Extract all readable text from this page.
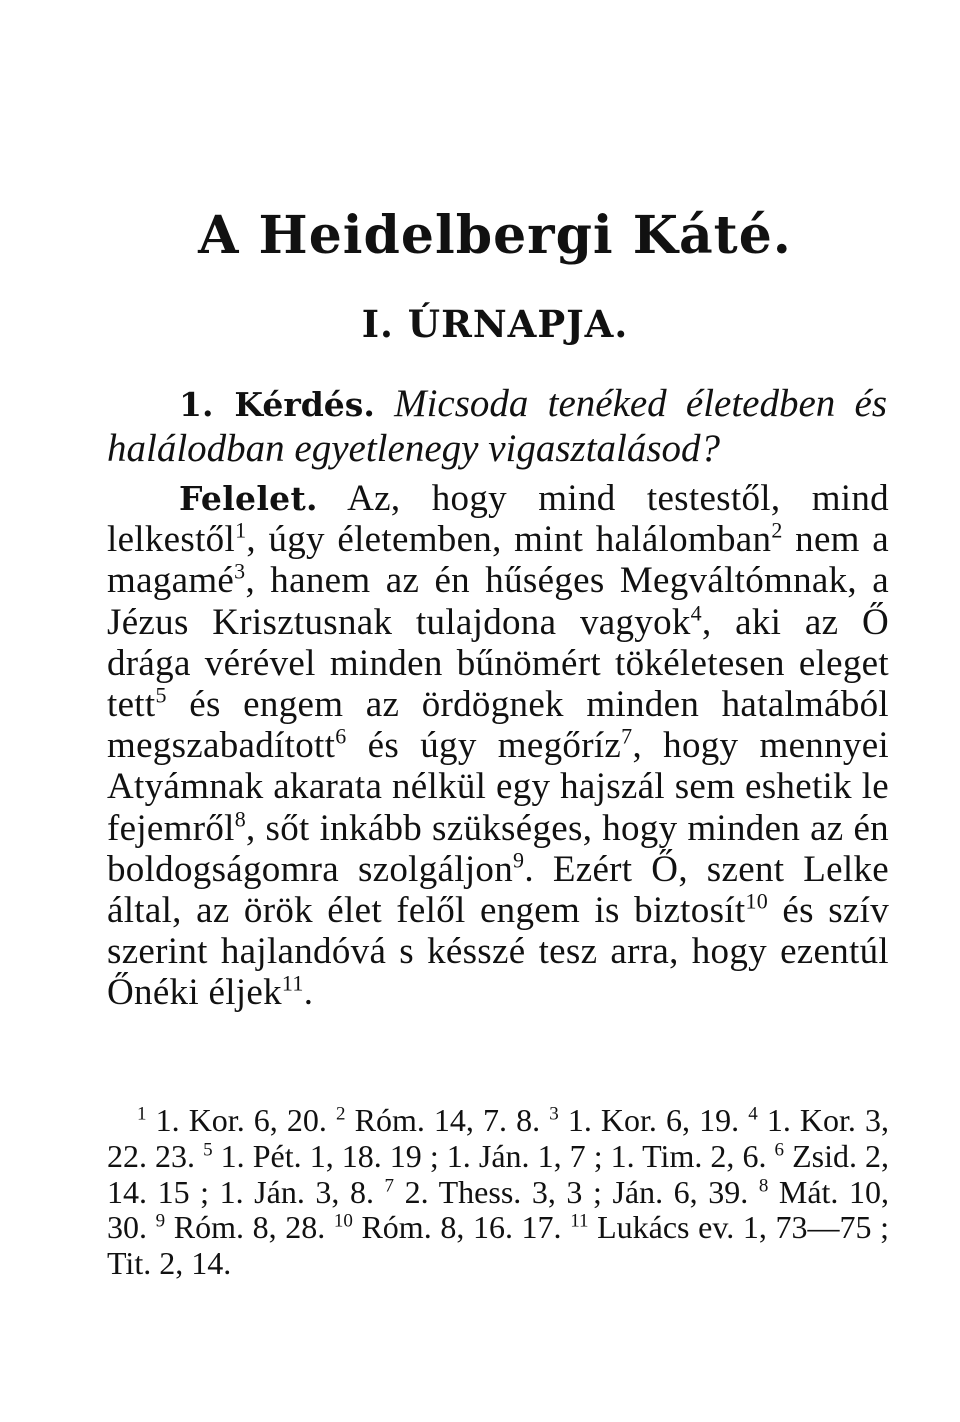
A Heidelbergi Káté.
I. ÚRNAPJA.

1. Kérdés. Micsoda tenéked életedben és halálodban egyetlenegy vigasztalásod?

Felelet. Az, hogy mind testestől, mind lelkestől$^1$, úgy életemben, mint halálomban$^2$ nem a magamé$^3$, hanem az én hűséges Megváltómnak, a Jézus Krisztusnak tulajdona vagyok$^4$, aki az Ő drága vérével minden bűnömért tökéletesen eleget tett$^5$ és engem az ördögnek minden hatalmából megszabadított$^6$ és úgy megőríz$^7$, hogy mennyei Atyámnak akarata nélkül egy hajszál sem eshetik le fejemről$^8$, sőt inkább szükséges, hogy minden az én boldogságomra szolgáljon$^9$. Ezért Ő, szent Lelke által, az örök élet felől engem is biztosít$^{10}$ és szív szerint hajlandóvá s késszé tesz arra, hogy ezentúl Őnéki éljek$^{11}$.

$^1$ 1. Kor. 6, 20. $^2$ Róm. 14, 7. 8. $^3$ 1. Kor. 6, 19. $^4$ 1. Kor. 3, 22. 23. $^5$ 1. Pét. 1, 18. 19 ; 1. Ján. 1, 7 ; 1. Tim. 2, 6. $^6$ Zsid. 2, 14. 15 ; 1. Ján. 3, 8. $^7$ 2. Thess. 3, 3 ; Ján. 6, 39. $^8$ Mát. 10, 30. $^9$ Róm. 8, 28. $^{10}$ Róm. 8, 16. 17. $^{11}$ Lukács ev. 1, 73—75 ; Tit. 2, 14.
